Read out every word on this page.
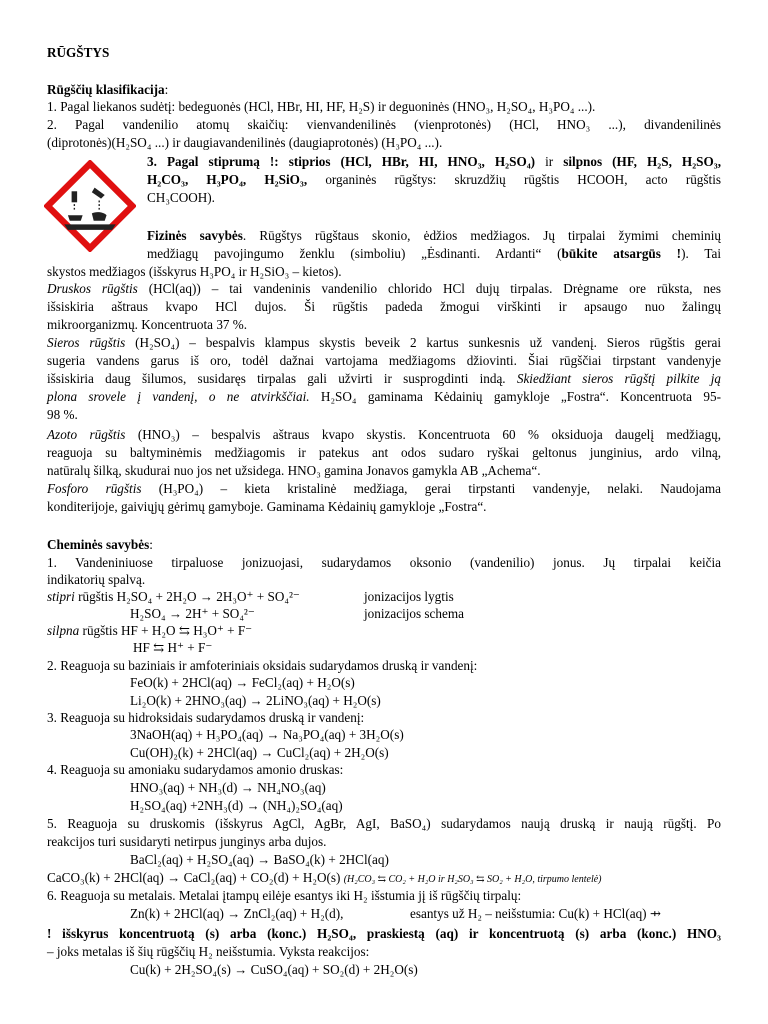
RŪGŠTYS
Rūgščių klasifikacija:
1. Pagal liekanos sudėtį: bedeguonės (HCl, HBr, HI, HF, H₂S) ir deguoninės (HNO₃, H₂SO₄, H₃PO₄ ...).
2. Pagal vandenilio atomų skaičių: vienvandenilinės (vienprotonės) (HCl, HNO₃ ...), divandenilinės
(diprotonės)(H₂SO₄ ...) ir daugiavandenilinės (daugiaprotonės) (H₃PO₄ ...).
3. Pagal stiprumą !: stiprios (HCl, HBr, HI, HNO₃, H₂SO₄) ir silpnos (HF, H₂S, H₂SO₃,
H₂CO₃, H₃PO₄, H₂SiO₃, organinės rūgštys: skruzdžių rūgštis HCOOH, acto rūgštis
CH₃COOH).
Fizinės savybės. Rūgštys rūgštaus skonio, ėdžios medžiagos. Jų tirpalai žymimi cheminių
medžiagų pavojingumo ženklu (simboliu) „Ėsdinanti. Ardanti“ (būkite atsargūs !). Tai
skystos medžiagos (išskyrus H₃PO₄ ir H₂SiO₃ – kietos).
Druskos rūgštis (HCl(aq)) – tai vandeninis vandenilio chlorido HCl dujų tirpalas. Drėgname ore rūksta, nes
išsiskiria aštraus kvapo HCl dujos. Ši rūgštis padeda žmogui virškinti ir apsaugo nuo žalingų
mikroorganizmų. Koncentruota 37 %.
Sieros rūgštis (H₂SO₄) – bespalvis klampus skystis beveik 2 kartus sunkesnis už vandenį. Sieros rūgštis gerai
sugeria vandens garus iš oro, todėl dažnai vartojama medžiagoms džiovinti. Šiai rūgščiai tirpstant vandenyje
išsiskiria daug šilumos, susidaręs tirpalas gali užvirti ir susprogdinti indą. Skiedžiant sieros rūgštį pilkite ją
plona srovele į vandenį, o ne atvirkščiai. H₂SO₄ gaminama Kėdainių gamykloje „Fostra“. Koncentruota 95-
98 %.
Azoto rūgštis (HNO₃) – bespalvis aštraus kvapo skystis. Koncentruota 60 % oksiduoja daugelį medžiagų,
reaguoja su baltyminėmis medžiagomis ir patekus ant odos sudaro ryškai geltonus junginius, ardo vilną,
natūralų šilką, skudurai nuo jos net užsidega. HNO₃ gamina Jonavos gamykla AB „Achema“.
Fosforo rūgštis (H₃PO₄) – kieta kristalinė medžiaga, gerai tirpstanti vandenyje, nelaki. Naudojama
konditerijoje, gaiviųjų gėrimų gamyboje. Gaminama Kėdainių gamykloje „Fostra“.
Cheminės savybės:
1. Vandeniniuose tirpaluose jonizuojasi, sudarydamos oksonio (vandenilio) jonus. Jų tirpalai keičia
indikatorių spalvą.
stipri rūgštis H₂SO₄ + 2H₂O → 2H₃O⁺ + SO₄²⁻	jonizacijos lygtis
H₂SO₄ → 2H⁺ + SO₄²⁻	jonizacijos schema
silpna rūgštis HF + H₂O ⇆ H₃O⁺ + F⁻
HF ⇆ H⁺ + F⁻
2. Reaguoja su baziniais ir amfoteriniais oksidais sudarydamos druską ir vandenį:
FeO(k) + 2HCl(aq) → FeCl₂(aq) + H₂O(s)
Li₂O(k) + 2HNO₃(aq) → 2LiNO₃(aq) + H₂O(s)
3. Reaguoja su hidroksidais sudarydamos druską ir vandenį:
3NaOH(aq) + H₃PO₄(aq) → Na₃PO₄(aq) + 3H₂O(s)
Cu(OH)₂(k) + 2HCl(aq) → CuCl₂(aq) + 2H₂O(s)
4. Reaguoja su amoniaku sudarydamos amonio druskas:
HNO₃(aq) + NH₃(d) → NH₄NO₃(aq)
H₂SO₄(aq) +2NH₃(d) → (NH₄)₂SO₄(aq)
5. Reaguoja su druskomis (išskyrus AgCl, AgBr, AgI, BaSO₄) sudarydamos naują druską ir naują rūgštį. Po
reakcijos turi susidaryti netirpus junginys arba dujos.
BaCl₂(aq) + H₂SO₄(aq) → BaSO₄(k) + 2HCl(aq)
CaCO₃(k) + 2HCl(aq) → CaCl₂(aq) + CO₂(d) + H₂O(s) (H₂CO₃ ⇆ CO₂ + H₂O ir H₂SO₃ ⇆ SO₂ + H₂O, tirpumo lentelė)
6. Reaguoja su metalais. Metalai įtampų eilėje esantys iki H₂ išstumia jį iš rūgščių tirpalų:
Zn(k) + 2HCl(aq) → ZnCl₂(aq) + H₂(d),	esantys už H₂ – neišstumia: Cu(k) + HCl(aq) ⇸
! išskyrus koncentruotą (s) arba (konc.) H₂SO₄, praskiestą (aq) ir koncentruotą (s) arba (konc.) HNO₃
– joks metalas iš šių rūgščių H₂ neišstumia. Vyksta reakcijos:
Cu(k) + 2H₂SO₄(s) → CuSO₄(aq) + SO₂(d) + 2H₂O(s)
